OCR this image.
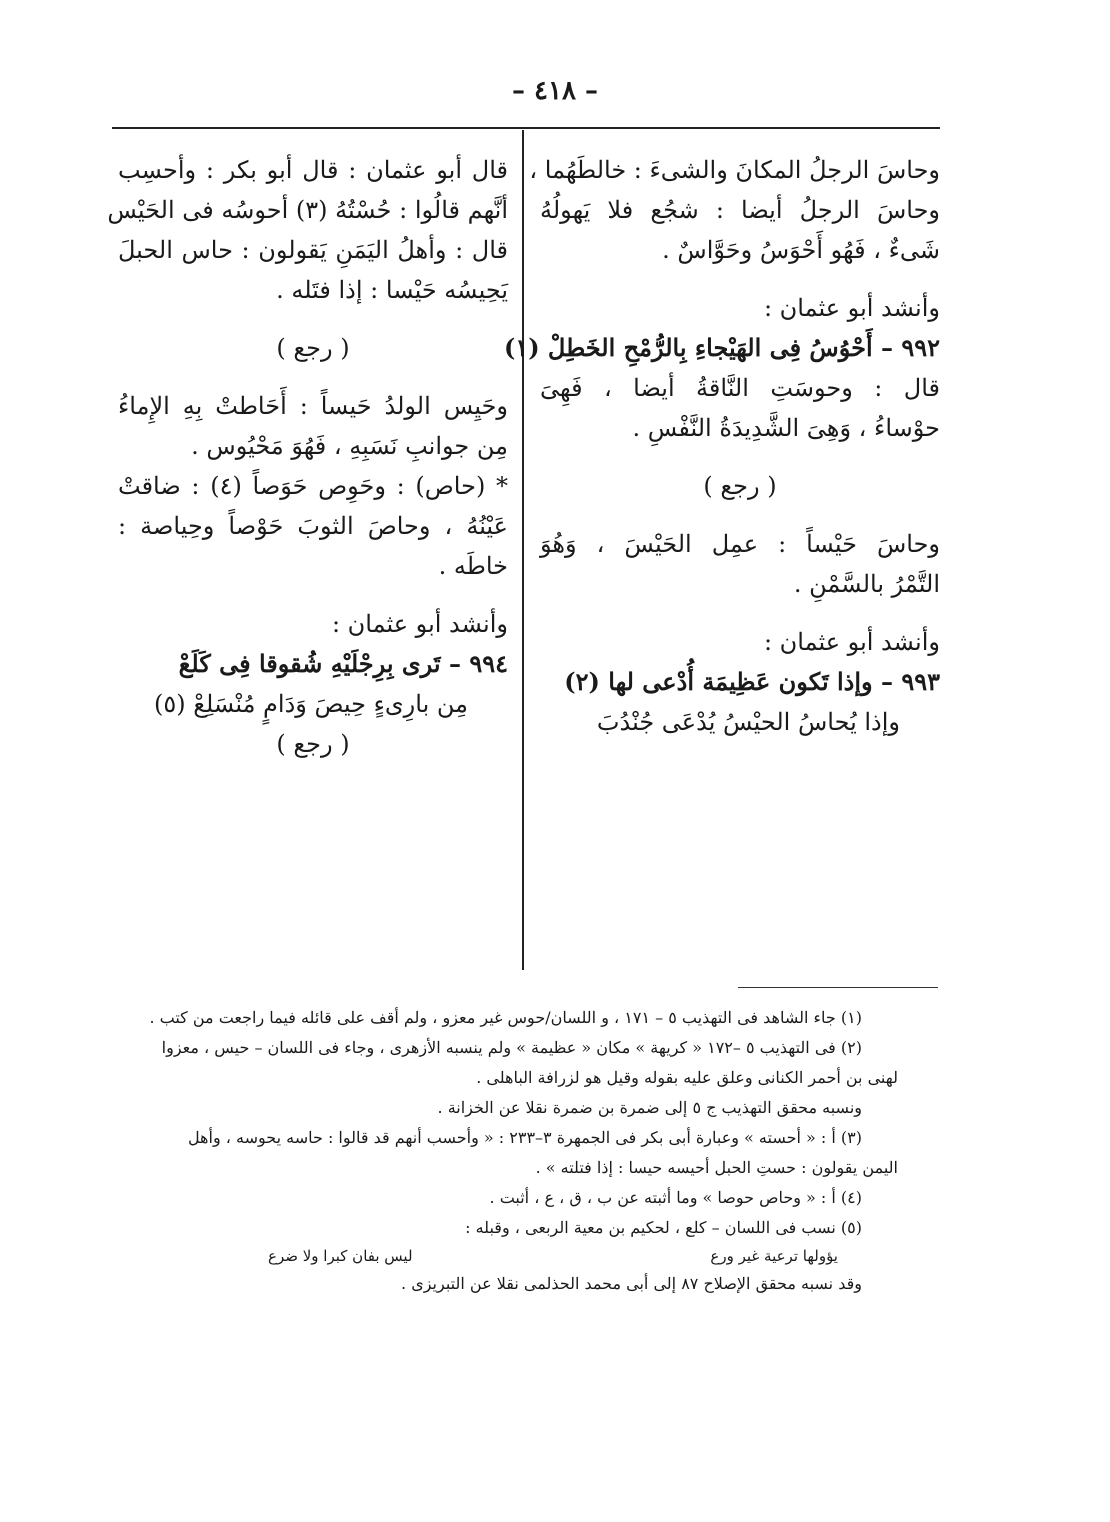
– ٤١٨ –
وحاسَ الرجلُ المكانَ والشىءَ : خالطَهُما ،
وحاسَ الرجلُ أيضا : شجُع فلا يَهولُهُ
شَىءٌ ، فَهُو أَحْوَسُ وحَوَّاسٌ .
وأنشد أبو عثمان :
٩٩٢ – أَحْوُسُ فِى الهَيْجاءِ بِالرُّمْحِ الخَطِلْ (١)
قال : وحوسَتِ النَّاقةُ أيضا ، فَهِىَ
حوْساءُ ، وَهِىَ الشَّدِيدَةُ النَّفْسِ .
( رجع )
وحاسَ حَيْساً : عمِل الحَيْسَ ، وَهُوَ
التَّمْرُ بالسَّمْنِ .
وأنشد أبو عثمان :
٩٩٣ – وإذا تَكون عَظِيمَة أُدْعى لها (٢)
وإذا يُحاسُ الحيْسُ يُدْعَى جُنْدُبَ
قال أبو عثمان : قال أبو بكر : وأحسِب
أنَّهم قالُوا : حُسْتُهُ (٣) أحوسُه فى الحَيْس
قال : وأهلُ اليَمَنِ يَقولون : حاس الحبلَ
يَحِيسُه حَيْسا : إذا فتَله .
( رجع )
وحَيِس الولدُ حَيساً : أَحَاطتْ بِهِ الإِماءُ
مِن جوانبِ نَسَبِهِ ، فَهُوَ مَحْيُوس .
* (حاص) : وحَوِص حَوَصاً (٤) : ضاقتْ
عَيْنُهُ ، وحاصَ الثوبَ حَوْصاً وحِياصة :
خاطَه .
وأنشد أبو عثمان :
٩٩٤ – تَرى بِرِجْلَيْهِ شُقوقا فِى كَلَعْ
مِن بارِىءٍ حِيصَ وَدَامٍ مُنْسَلِعْ (٥)
( رجع )
(١) جاء الشاهد فى التهذيب ٥ – ١٧١ ، و اللسان/حوس غير معزو ، ولم أقف على قائله فيما راجعت من كتب .
(٢) فى التهذيب ٥ –١٧٢ « كريهة » مكان « عظيمة » ولم ينسبه الأزهرى ، وجاء فى اللسان – حيس ، معزوا
لهنى بن أحمر الكنانى وعلق عليه بقوله وقيل هو لزرافة الباهلى .
ونسبه محقق التهذيب ج ٥ إلى ضمرة بن ضمرة نقلا عن الخزانة .
(٣) أ : « أحسته » وعبارة أبى بكر فى الجمهرة ٣–٢٣٣ : « وأحسب أنهم قد قالوا : حاسه يحوسه ، وأهل
اليمن يقولون : حستِ الحبل أحيسه حيسا : إذا فتلته » .
(٤) أ : « وحاص حوصا » وما أثبته عن ب ، ق ، ع ، أثبت .
(٥) نسب فى اللسان – كلع ، لحكيم بن معية الربعى ، وقبله :
يؤولها ترعية غير ورع
ليس بفان كبرا ولا ضرع
وقد نسبه محقق الإصلاح ٨٧ إلى أبى محمد الحذلمى نقلا عن التبريزى .
